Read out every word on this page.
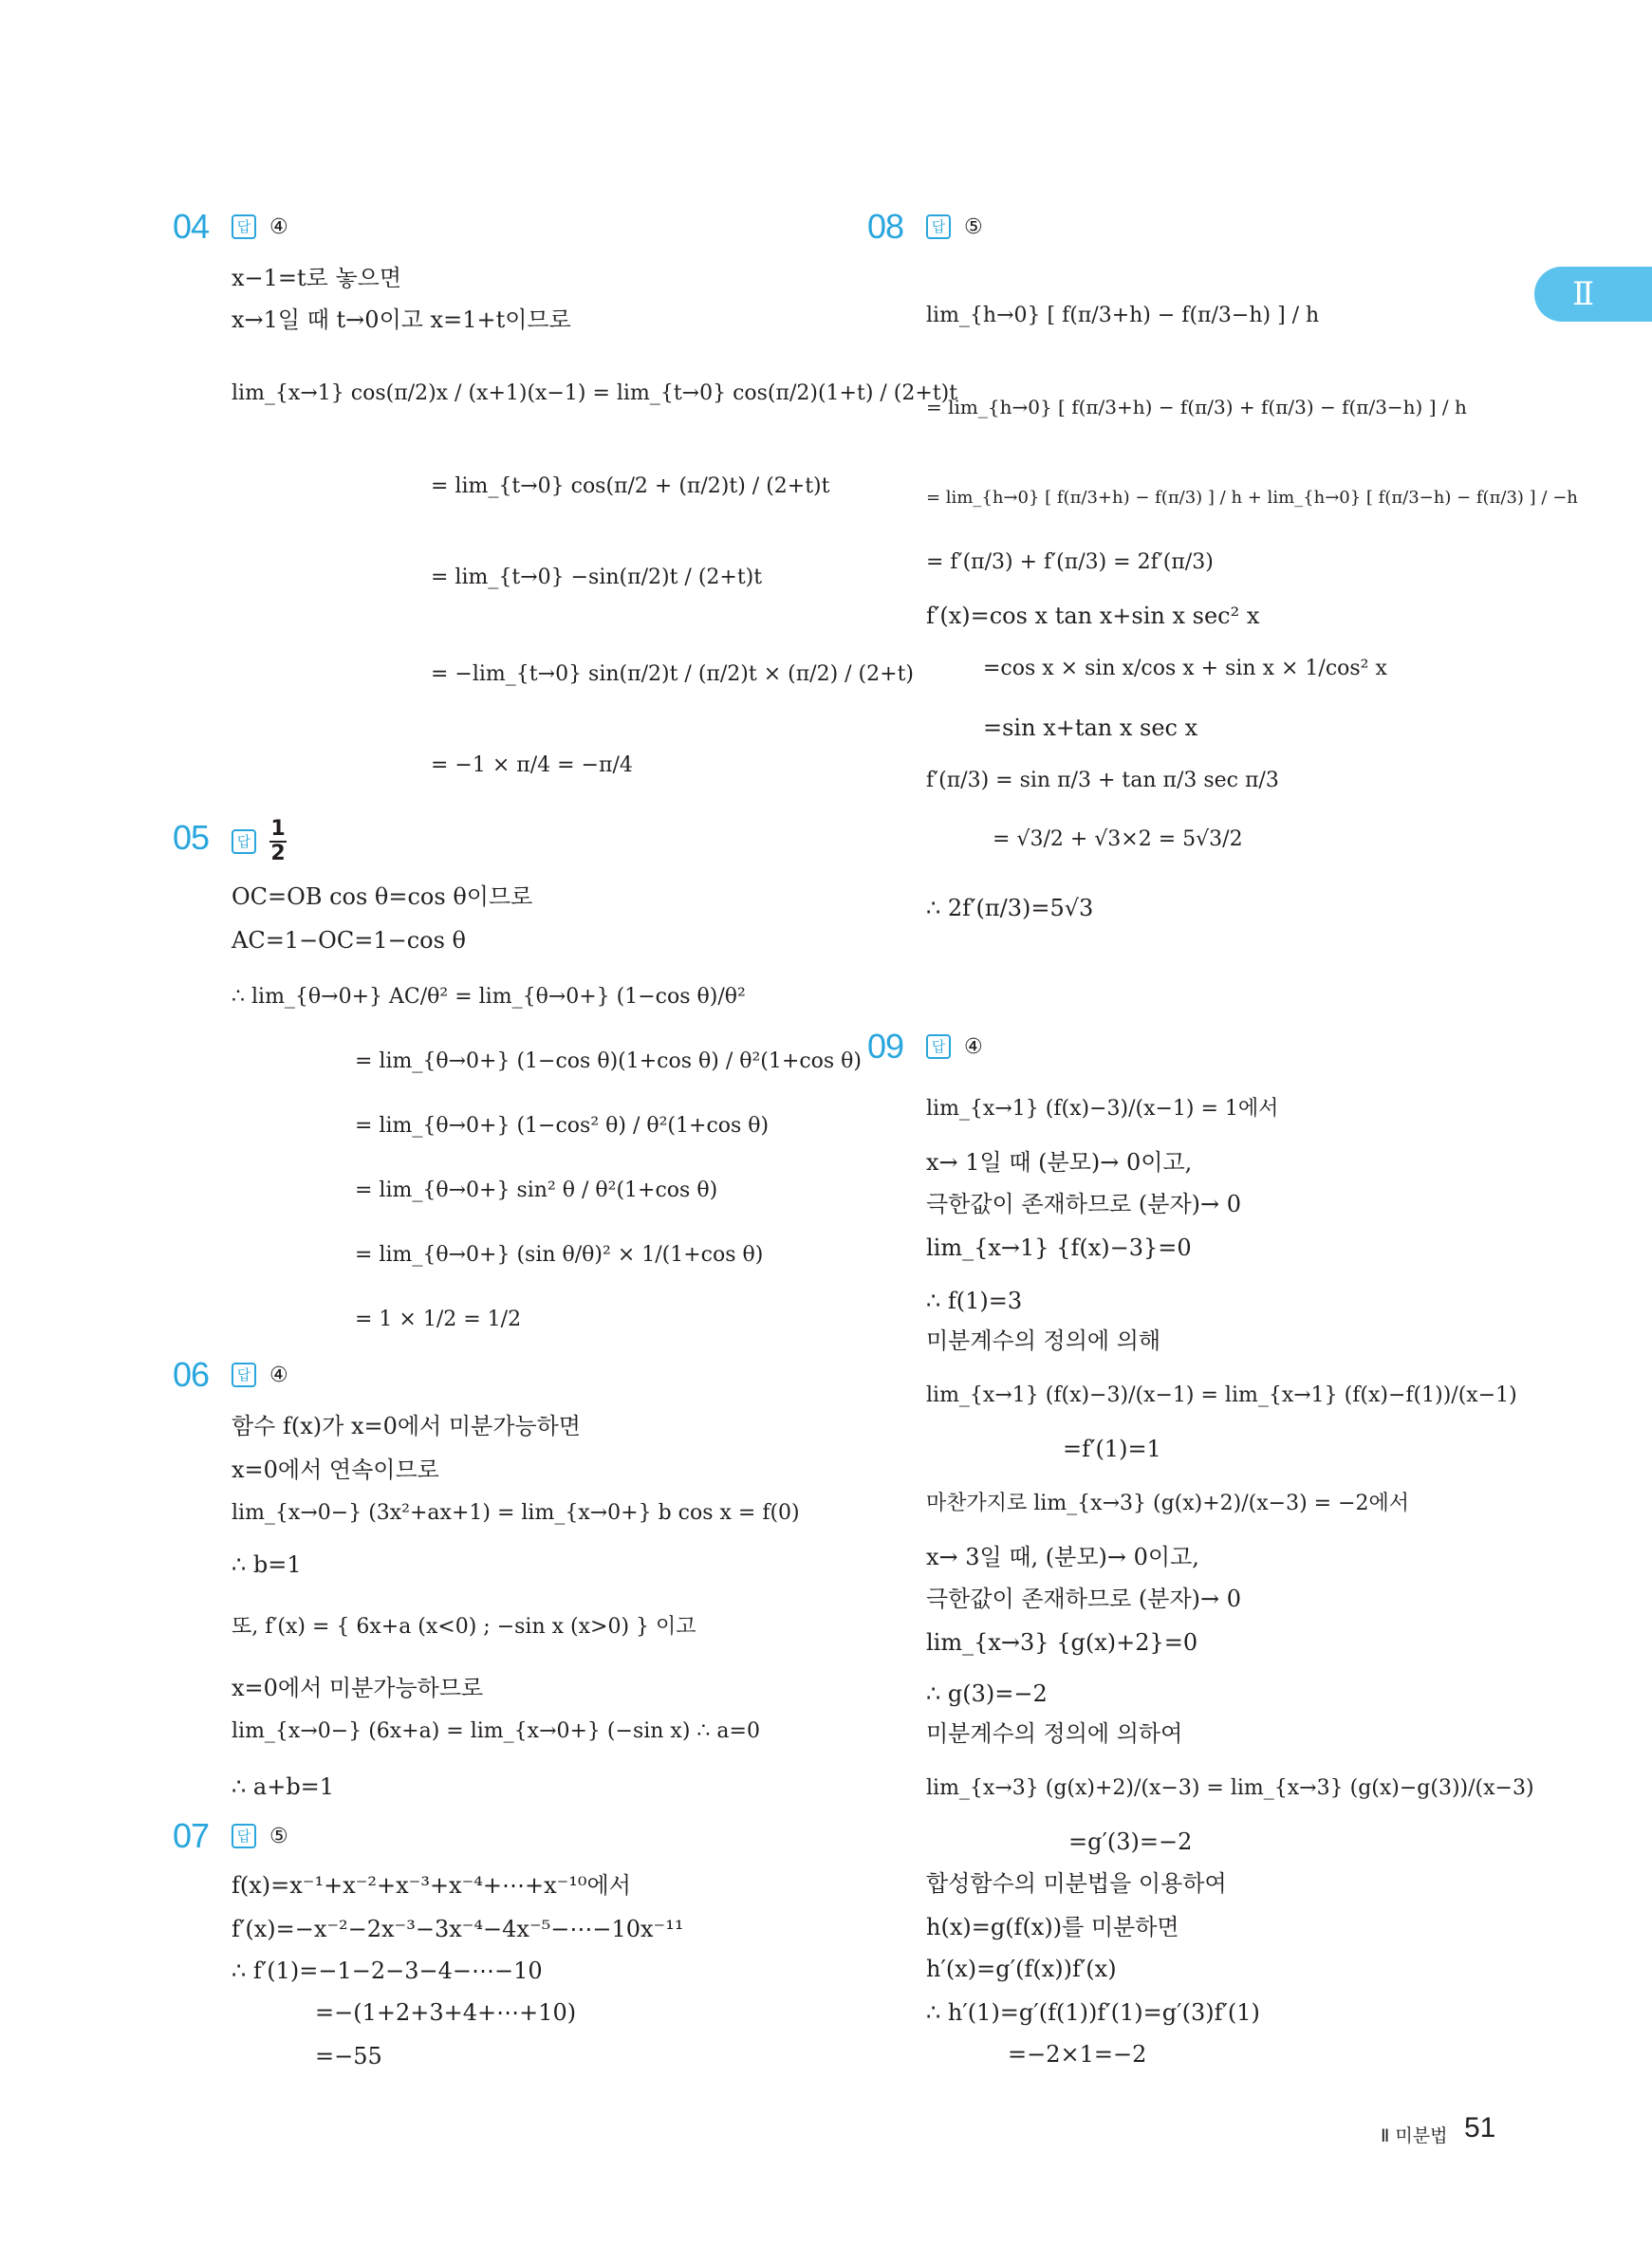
Ⅱ
04	답 ④
x−1=t로 놓으면
x→1일 때 t→0이고 x=1+t이므로
lim_{x→1} cos(π/2)x / (x+1)(x−1) = lim_{t→0} cos(π/2)(1+t) / (2+t)t
= lim_{t→0} cos(π/2 + (π/2)t) / (2+t)t
= lim_{t→0} −sin(π/2)t / (2+t)t
= −lim_{t→0} sin(π/2)t / (π/2)t × (π/2) / (2+t)
= −1 × π/4 = −π/4
05	답 $\frac{1}{2}$
OC=OB cos θ=cos θ이므로
AC=1−OC=1−cos θ
∴ lim_{θ→0+} AC/θ² = lim_{θ→0+} (1−cos θ)/θ²
= lim_{θ→0+} (1−cos θ)(1+cos θ) / θ²(1+cos θ)
= lim_{θ→0+} (1−cos² θ) / θ²(1+cos θ)
= lim_{θ→0+} sin² θ / θ²(1+cos θ)
= lim_{θ→0+} (sin θ/θ)² × 1/(1+cos θ)
= 1 × 1/2 = 1/2
06	답 ④
함수 f(x)가 x=0에서 미분가능하면
x=0에서 연속이므로
lim_{x→0−} (3x²+ax+1) = lim_{x→0+} b cos x = f(0)
∴ b=1
또, f′(x) = { 6x+a (x<0) ; −sin x (x>0) } 이고
x=0에서 미분가능하므로
lim_{x→0−} (6x+a) = lim_{x→0+} (−sin x) ∴ a=0
∴ a+b=1
07	답 ⑤
f(x)=x⁻¹+x⁻²+x⁻³+x⁻⁴+⋯+x⁻¹⁰에서
f′(x)=−x⁻²−2x⁻³−3x⁻⁴−4x⁻⁵−⋯−10x⁻¹¹
∴ f′(1)=−1−2−3−4−⋯−10
=−(1+2+3+4+⋯+10)
=−55
08	답 ⑤
lim_{h→0} [ f(π/3+h) − f(π/3−h) ] / h
= lim_{h→0} [ f(π/3+h) − f(π/3) + f(π/3) − f(π/3−h) ] / h
= lim_{h→0} [ f(π/3+h) − f(π/3) ] / h + lim_{h→0} [ f(π/3−h) − f(π/3) ] / −h
= f′(π/3) + f′(π/3) = 2f′(π/3)
f′(x)=cos x tan x+sin x sec² x
=cos x × sin x/cos x + sin x × 1/cos² x
=sin x+tan x sec x
f′(π/3) = sin π/3 + tan π/3 sec π/3
= √3/2 + √3×2 = 5√3/2
∴ 2f′(π/3)=5√3
09	답 ④
lim_{x→1} (f(x)−3)/(x−1) = 1에서
x→ 1일 때 (분모)→ 0이고,
극한값이 존재하므로 (분자)→ 0
lim_{x→1} {f(x)−3}=0
∴ f(1)=3
미분계수의 정의에 의해
lim_{x→1} (f(x)−3)/(x−1) = lim_{x→1} (f(x)−f(1))/(x−1)
=f′(1)=1
마찬가지로 lim_{x→3} (g(x)+2)/(x−3) = −2에서
x→ 3일 때, (분모)→ 0이고,
극한값이 존재하므로 (분자)→ 0
lim_{x→3} {g(x)+2}=0
∴ g(3)=−2
미분계수의 정의에 의하여
lim_{x→3} (g(x)+2)/(x−3) = lim_{x→3} (g(x)−g(3))/(x−3)
=g′(3)=−2
합성함수의 미분법을 이용하여
h(x)=g(f(x))를 미분하면
h′(x)=g′(f(x))f′(x)
∴ h′(1)=g′(f(1))f′(1)=g′(3)f′(1)
=−2×1=−2
Ⅱ 미분법 51
